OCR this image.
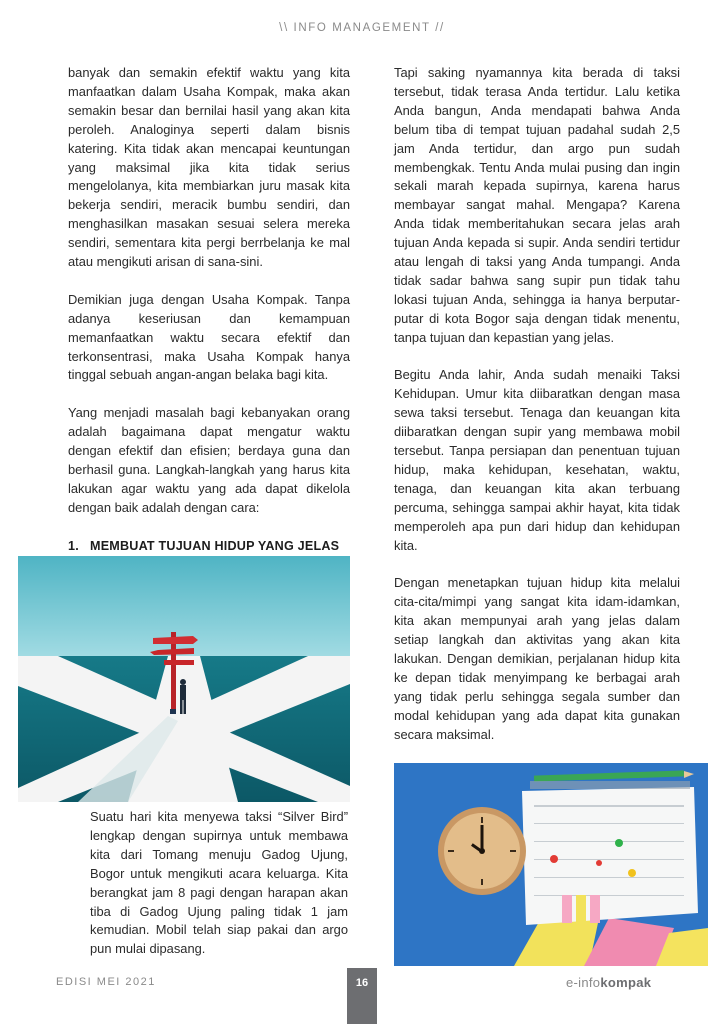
\\ INFO MANAGEMENT //

banyak dan semakin efektif waktu yang kita manfaatkan dalam Usaha Kompak, maka akan semakin besar dan bernilai hasil yang akan kita peroleh. Analoginya seperti dalam bisnis katering. Kita tidak akan mencapai keuntungan yang maksimal jika kita tidak serius mengelolanya, kita membiarkan juru masak kita bekerja sendiri, meracik bumbu sendiri, dan menghasilkan masakan sesuai selera mereka sendiri, sementara kita pergi berrbelanja ke mal atau mengikuti arisan di sana-sini.

Demikian juga dengan Usaha Kompak. Tanpa adanya keseriusan dan kemampuan memanfaatkan waktu secara efektif dan terkonsentrasi, maka Usaha Kompak hanya tinggal sebuah angan-angan belaka bagi kita.

Yang menjadi masalah bagi kebanyakan orang adalah bagaimana dapat mengatur waktu dengan efektif dan efisien; berdaya guna dan berhasil guna. Langkah-langkah yang harus kita lakukan agar waktu yang ada dapat dikelola dengan baik adalah dengan cara:

1. MEMBUAT TUJUAN HIDUP YANG JELAS

Suatu hari kita menyewa taksi “Silver Bird” lengkap dengan supirnya untuk membawa kita dari Tomang menuju Gadog Ujung, Bogor untuk mengikuti acara keluarga. Kita berangkat jam 8 pagi dengan harapan akan tiba di Gadog Ujung paling tidak 1 jam kemudian. Mobil telah siap pakai dan argo pun mulai dipasang.

Tapi saking nyamannya kita berada di taksi tersebut, tidak terasa Anda tertidur. Lalu ketika Anda bangun, Anda mendapati bahwa Anda belum tiba di tempat tujuan padahal sudah 2,5 jam Anda tertidur, dan argo pun sudah membengkak. Tentu Anda mulai pusing dan ingin sekali marah kepada supirnya, karena harus membayar sangat mahal. Mengapa? Karena Anda tidak memberitahukan secara jelas arah tujuan Anda kepada si supir. Anda sendiri tertidur atau lengah di taksi yang Anda tumpangi. Anda tidak sadar bahwa sang supir pun tidak tahu lokasi tujuan Anda, sehingga ia hanya berputar-putar di kota Bogor saja dengan tidak menentu, tanpa tujuan dan kepastian yang jelas.

Begitu Anda lahir, Anda sudah menaiki Taksi Kehidupan. Umur kita diibaratkan dengan masa sewa taksi tersebut. Tenaga dan keuangan kita diibaratkan dengan supir yang membawa mobil tersebut. Tanpa persiapan dan penentuan tujuan hidup, maka kehidupan, kesehatan, waktu, tenaga, dan keuangan kita akan terbuang percuma, sehingga sampai akhir hayat, kita tidak memperoleh apa pun dari hidup dan kehidupan kita.

Dengan menetapkan tujuan hidup kita melalui cita-cita/mimpi yang sangat kita idam-idamkan, kita akan mempunyai arah yang jelas dalam setiap langkah dan aktivitas yang akan kita lakukan. Dengan demikian, perjalanan hidup kita ke depan tidak menyimpang ke berbagai arah yang tidak perlu sehingga segala sumber dan modal kehidupan yang ada dapat kita gunakan secara maksimal.

EDISI MEI 2021	16	e-infokompak
